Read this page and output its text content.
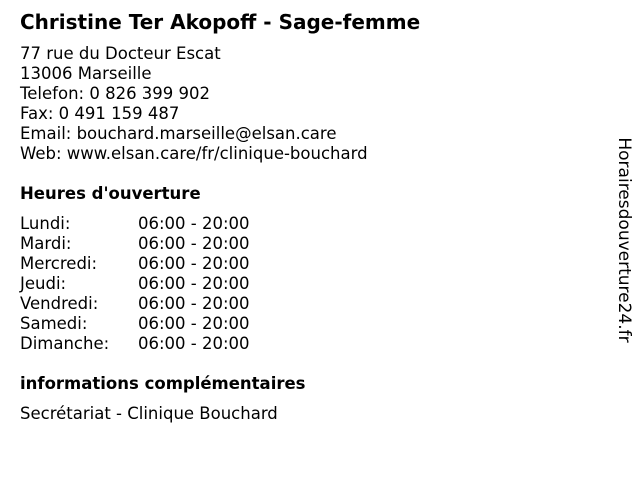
Christine Ter Akopoff - Sage-femme
77 rue du Docteur Escat
13006 Marseille
Telefon: 0 826 399 902
Fax: 0 491 159 487
Email: bouchard.marseille@elsan.care
Web: www.elsan.care/fr/clinique-bouchard
Heures d'ouverture
Lundi:	06:00 - 20:00
Mardi:	06:00 - 20:00
Mercredi:	06:00 - 20:00
Jeudi:	06:00 - 20:00
Vendredi:	06:00 - 20:00
Samedi:	06:00 - 20:00
Dimanche:	06:00 - 20:00
informations complémentaires
Secrétariat - Clinique Bouchard
Horairesdouverture24.fr
